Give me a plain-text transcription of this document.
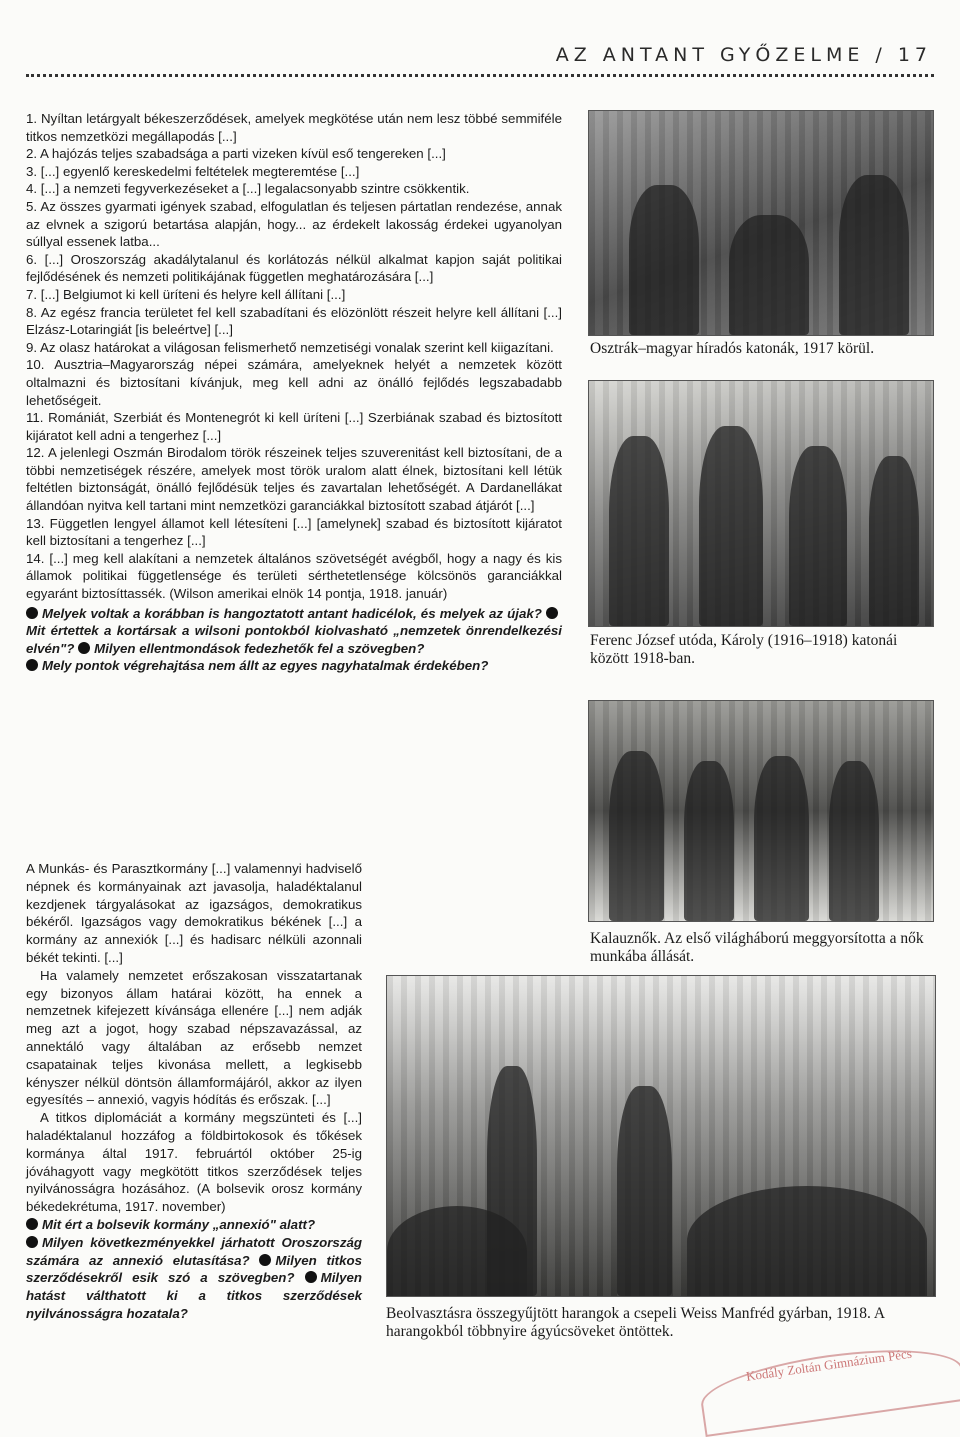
AZ ANTANT GYŐZELME / 17

1. Nyíltan letárgyalt békeszerződések, amelyek megkötése után nem lesz többé semmiféle titkos nemzetközi megállapodás [...]

2. A hajózás teljes szabadsága a parti vizeken kívül eső tengereken [...]

3. [...] egyenlő kereskedelmi feltételek megteremtése [...]

4. [...] a nemzeti fegyverkezéseket a [...] legalacsonyabb szintre csökkentik.

5. Az összes gyarmati igények szabad, elfogulatlan és teljesen pártatlan rendezése, annak az elvnek a szigorú betartása alapján, hogy... az érdekelt lakosság érdekei ugyanolyan súllyal essenek latba...

6. [...] Oroszország akadálytalanul és korlátozás nélkül alkalmat kapjon saját politikai fejlődésének és nemzeti politikájának független meghatározására [...]

7. [...] Belgiumot ki kell üríteni és helyre kell állítani [...]

8. Az egész francia területet fel kell szabadítani és elözönlött részeit helyre kell állítani [...] Elzász-Lotaringiát [is beleértve] [...]

9. Az olasz határokat a világosan felismerhető nemzetiségi vonalak szerint kell kiigazítani.

10. Ausztria–Magyarország népei számára, amelyeknek helyét a nemzetek között oltalmazni és biztosítani kívánjuk, meg kell adni az önálló fejlődés legszabadabb lehetőségeit.

11. Romániát, Szerbiát és Montenegrót ki kell üríteni [...] Szerbiának szabad és biztosított kijáratot kell adni a tengerhez [...]

12. A jelenlegi Oszmán Birodalom török részeinek teljes szuverenitást kell biztosítani, de a többi nemzetiségek részére, amelyek most török uralom alatt élnek, biztosítani kell létük feltétlen biztonságát, önálló fejlődésük teljes és zavartalan lehetőségét. A Dardanellákat állandóan nyitva kell tartani mint nemzetközi garanciákkal biztosított szabad átjárót [...]

13. Független lengyel államot kell létesíteni [...] [amelynek] szabad és biztosított kijáratot kell biztosítani a tengerhez [...]

14. [...] meg kell alakítani a nemzetek általános szövetségét avégből, hogy a nagy és kis államok politikai függetlensége és területi sérthetetlensége kölcsönös garanciákkal egyaránt biztosíttassék. (Wilson amerikai elnök 14 pontja, 1918. január)

Melyek voltak a korábban is hangoztatott antant hadicélok, és melyek az újak? Mit értettek a kortársak a wilsoni pontokból kiolvasható „nemzetek önrendelkezési elvén"? Milyen ellentmondások fedezhetők fel a szövegben?

Mely pontok végrehajtása nem állt az egyes nagyhatalmak érdekében?

A Munkás- és Parasztkormány [...] valamennyi hadviselő népnek és kormányainak azt javasolja, haladéktalanul kezdjenek tárgyalásokat az igazságos, demokratikus békéről. Igazságos vagy demokratikus békének [...] a kormány az annexiók [...] és hadisarc nélküli azonnali békét tekinti. [...]

Ha valamely nemzetet erőszakosan visszatartanak egy bizonyos állam határai között, ha ennek a nemzetnek kifejezett kívánsága ellenére [...] nem adják meg azt a jogot, hogy szabad népszavazással, az annektáló vagy általában az erősebb nemzet csapatainak teljes kivonása mellett, a legkisebb kényszer nélkül döntsön államformájáról, akkor az ilyen egyesítés – annexió, vagyis hódítás és erőszak. [...]

A titkos diplomáciát a kormány megszünteti és [...] haladéktalanul hozzáfog a földbirtokosok és tőkések kormánya által 1917. februártól október 25-ig jóváhagyott vagy megkötött titkos szerződések teljes nyilvánosságra hozásához. (A bolsevik orosz kormány békedekrétuma, 1917. november)

Mit ért a bolsevik kormány „annexió" alatt?

Milyen következményekkel járhatott Oroszország számára az annexió elutasítása? Milyen titkos szerződésekről esik szó a szövegben? Milyen hatást válthatott ki a titkos szerződések nyilvánosságra hozatala?

Osztrák–magyar híradós katonák, 1917 körül.
Ferenc József utóda, Károly (1916–1918) katonái között 1918-ban.
Kalauznők. Az első világháború meggyorsította a nők munkába állását.
Beolvasztásra összegyűjtött harangok a csepeli Weiss Manfréd gyárban, 1918. A harangokból többnyire ágyúcsöveket öntöttek.
Kodály Zoltán Gimnázium Pécs
